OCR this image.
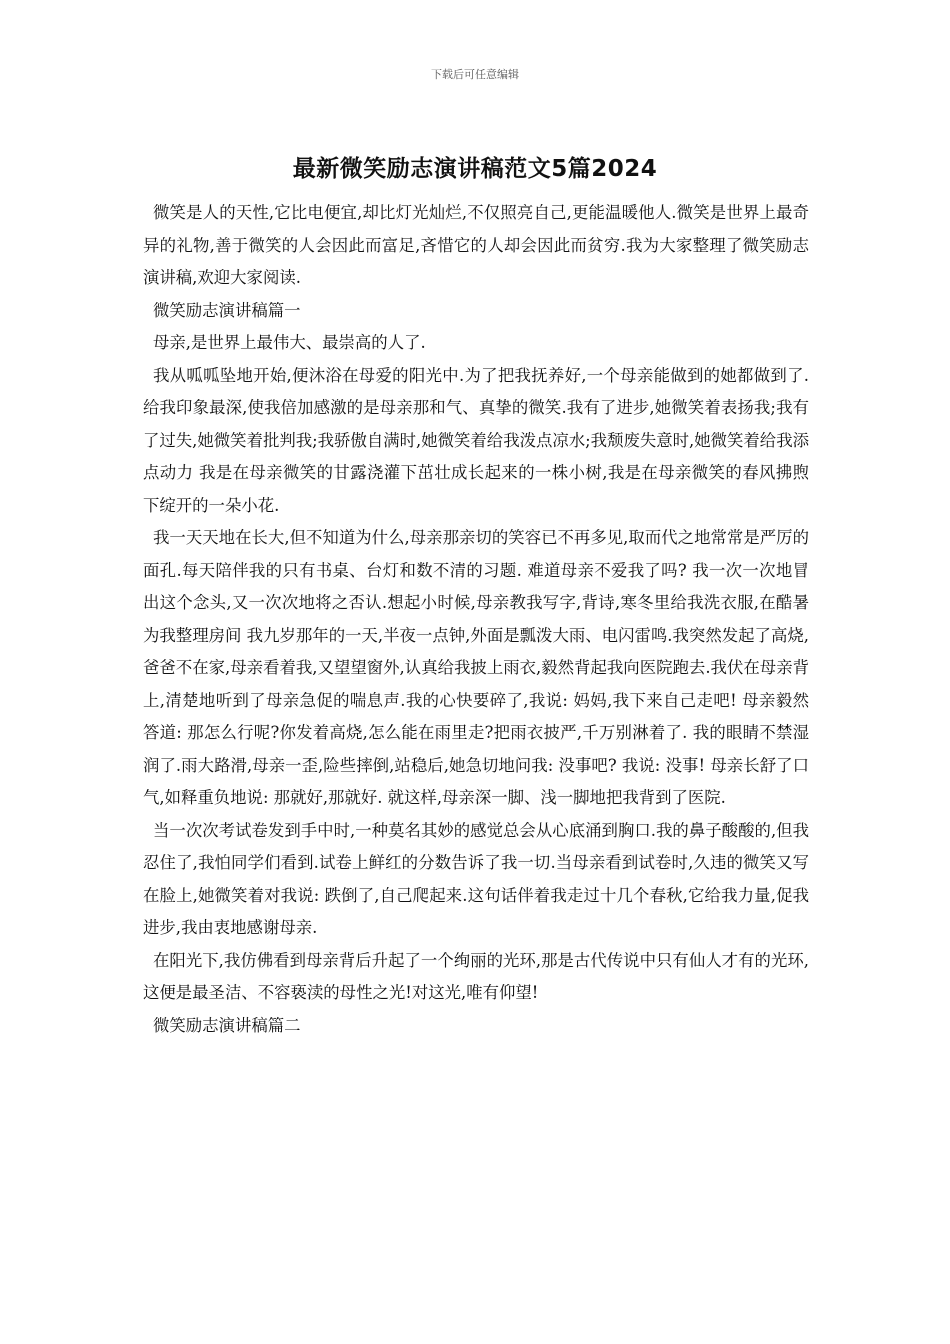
下载后可任意编辑
最新微笑励志演讲稿范文5篇2024

微笑是人的天性,它比电便宜,却比灯光灿烂,不仅照亮自己,更能温暖他人.微笑是世界上最奇异的礼物,善于微笑的人会因此而富足,吝惜它的人却会因此而贫穷.我为大家整理了微笑励志演讲稿,欢迎大家阅读.

微笑励志演讲稿篇一

母亲,是世界上最伟大、最崇高的人了.

我从呱呱坠地开始,便沐浴在母爱的阳光中.为了把我抚养好,一个母亲能做到的她都做到了.给我印象最深,使我倍加感激的是母亲那和气、真挚的微笑.我有了进步,她微笑着表扬我;我有了过失,她微笑着批判我;我骄傲自满时,她微笑着给我泼点凉水;我颓废失意时,她微笑着给我添点动力 我是在母亲微笑的甘露浇灌下茁壮成长起来的一株小树,我是在母亲微笑的春风拂煦下绽开的一朵小花.

我一天天地在长大,但不知道为什么,母亲那亲切的笑容已不再多见,取而代之地常常是严厉的面孔.每天陪伴我的只有书桌、台灯和数不清的习题. 难道母亲不爱我了吗? 我一次一次地冒出这个念头,又一次次地将之否认.想起小时候,母亲教我写字,背诗,寒冬里给我洗衣服,在酷暑为我整理房间 我九岁那年的一天,半夜一点钟,外面是瓢泼大雨、电闪雷鸣.我突然发起了高烧,爸爸不在家,母亲看着我,又望望窗外,认真给我披上雨衣,毅然背起我向医院跑去.我伏在母亲背上,清楚地听到了母亲急促的喘息声.我的心快要碎了,我说: 妈妈,我下来自己走吧! 母亲毅然答道: 那怎么行呢?你发着高烧,怎么能在雨里走?把雨衣披严,千万别淋着了. 我的眼睛不禁湿润了.雨大路滑,母亲一歪,险些摔倒,站稳后,她急切地问我: 没事吧? 我说: 没事! 母亲长舒了口气,如释重负地说: 那就好,那就好. 就这样,母亲深一脚、浅一脚地把我背到了医院.

当一次次考试卷发到手中时,一种莫名其妙的感觉总会从心底涌到胸口.我的鼻子酸酸的,但我忍住了,我怕同学们看到.试卷上鲜红的分数告诉了我一切.当母亲看到试卷时,久违的微笑又写在脸上,她微笑着对我说: 跌倒了,自己爬起来.这句话伴着我走过十几个春秋,它给我力量,促我进步,我由衷地感谢母亲.

在阳光下,我仿佛看到母亲背后升起了一个绚丽的光环,那是古代传说中只有仙人才有的光环,这便是最圣洁、不容亵渎的母性之光!对这光,唯有仰望!

微笑励志演讲稿篇二
